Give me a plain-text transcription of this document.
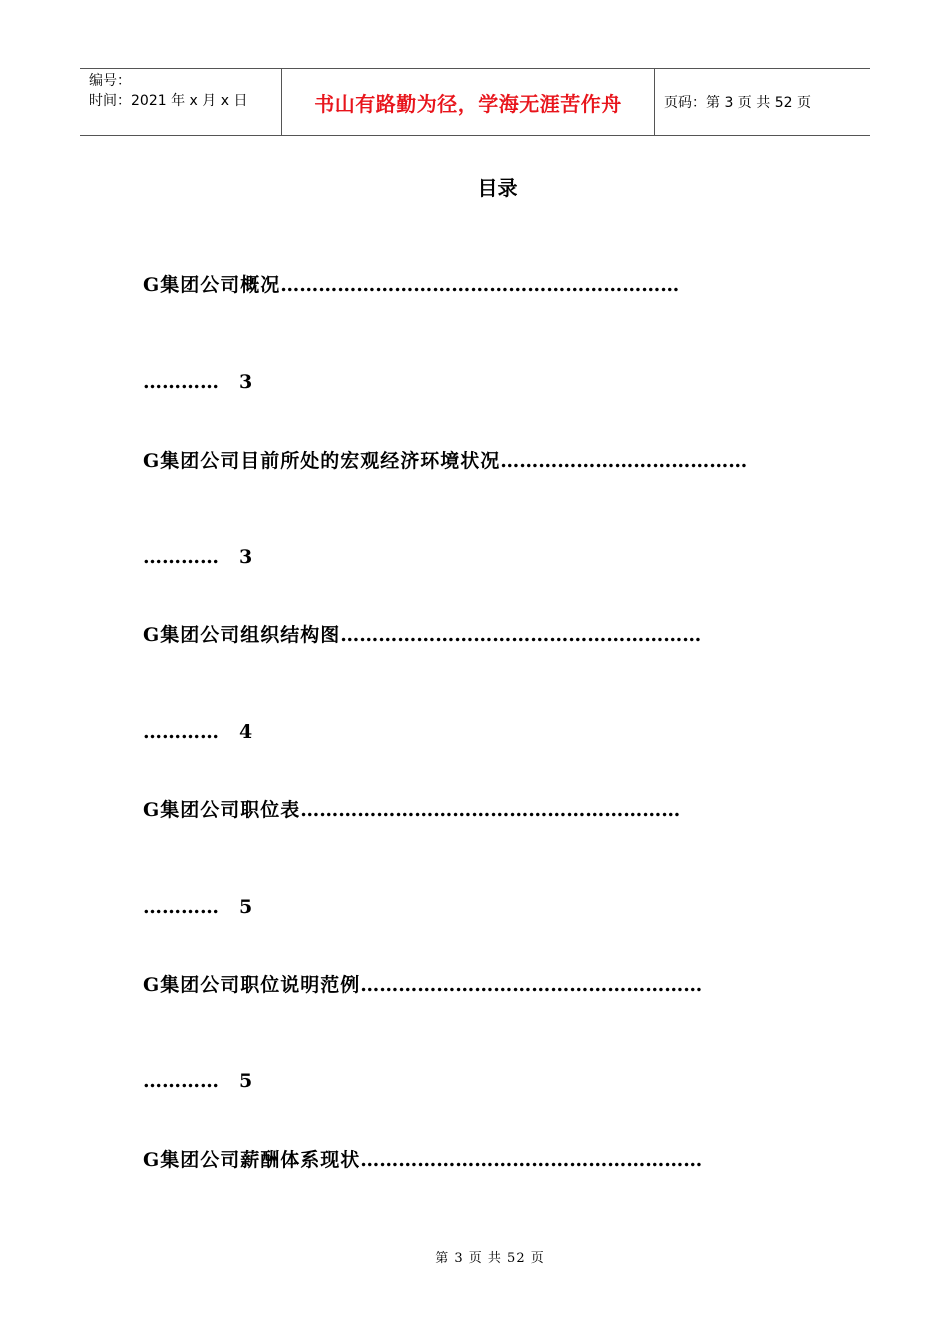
编号：
时间：2021 年 x 月 x 日	书山有路勤为径，学海无涯苦作舟	页码：第 3 页 共 52 页
目录
G集团公司概况………………………………………………………
………… 3
G集团公司目前所处的宏观经济环境状况…………………………………
………… 3
G集团公司组织结构图…………………………………………………
………… 4
G集团公司职位表……………………………………………………
………… 5
G集团公司职位说明范例………………………………………………
………… 5
G集团公司薪酬体系现状………………………………………………
第 3 页 共 52 页
